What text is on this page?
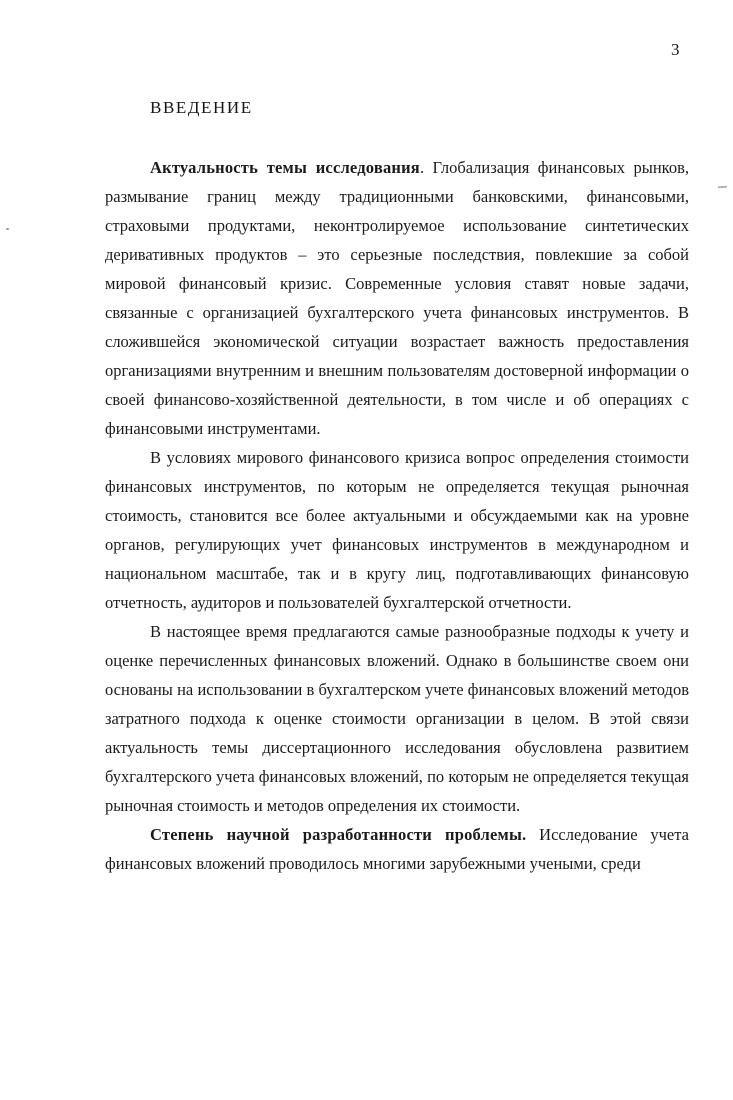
3
ВВЕДЕНИЕ

Актуальность темы исследования. Глобализация финансовых рынков, размывание границ между традиционными банковскими, финансовыми, страховыми продуктами, неконтролируемое использование синтетических деривативных продуктов – это серьезные последствия, повлекшие за собой мировой финансовый кризис. Современные условия ставят новые задачи, связанные с организацией бухгалтерского учета финансовых инструментов. В сложившейся экономической ситуации возрастает важность предоставления организациями внутренним и внешним пользователям достоверной информации о своей финансово-хозяйственной деятельности, в том числе и об операциях с финансовыми инструментами.

В условиях мирового финансового кризиса вопрос определения стоимости финансовых инструментов, по которым не определяется текущая рыночная стоимость, становится все более актуальными и обсуждаемыми как на уровне органов, регулирующих учет финансовых инструментов в международном и национальном масштабе, так и в кругу лиц, подготавливающих финансовую отчетность, аудиторов и пользователей бухгалтерской отчетности.

В настоящее время предлагаются самые разнообразные подходы к учету и оценке перечисленных финансовых вложений. Однако в большинстве своем они основаны на использовании в бухгалтерском учете финансовых вложений методов затратного подхода к оценке стоимости организации в целом. В этой связи актуальность темы диссертационного исследования обусловлена развитием бухгалтерского учета финансовых вложений, по которым не определяется текущая рыночная стоимость и методов определения их стоимости.

Степень научной разработанности проблемы. Исследование учета финансовых вложений проводилось многими зарубежными учеными, среди
